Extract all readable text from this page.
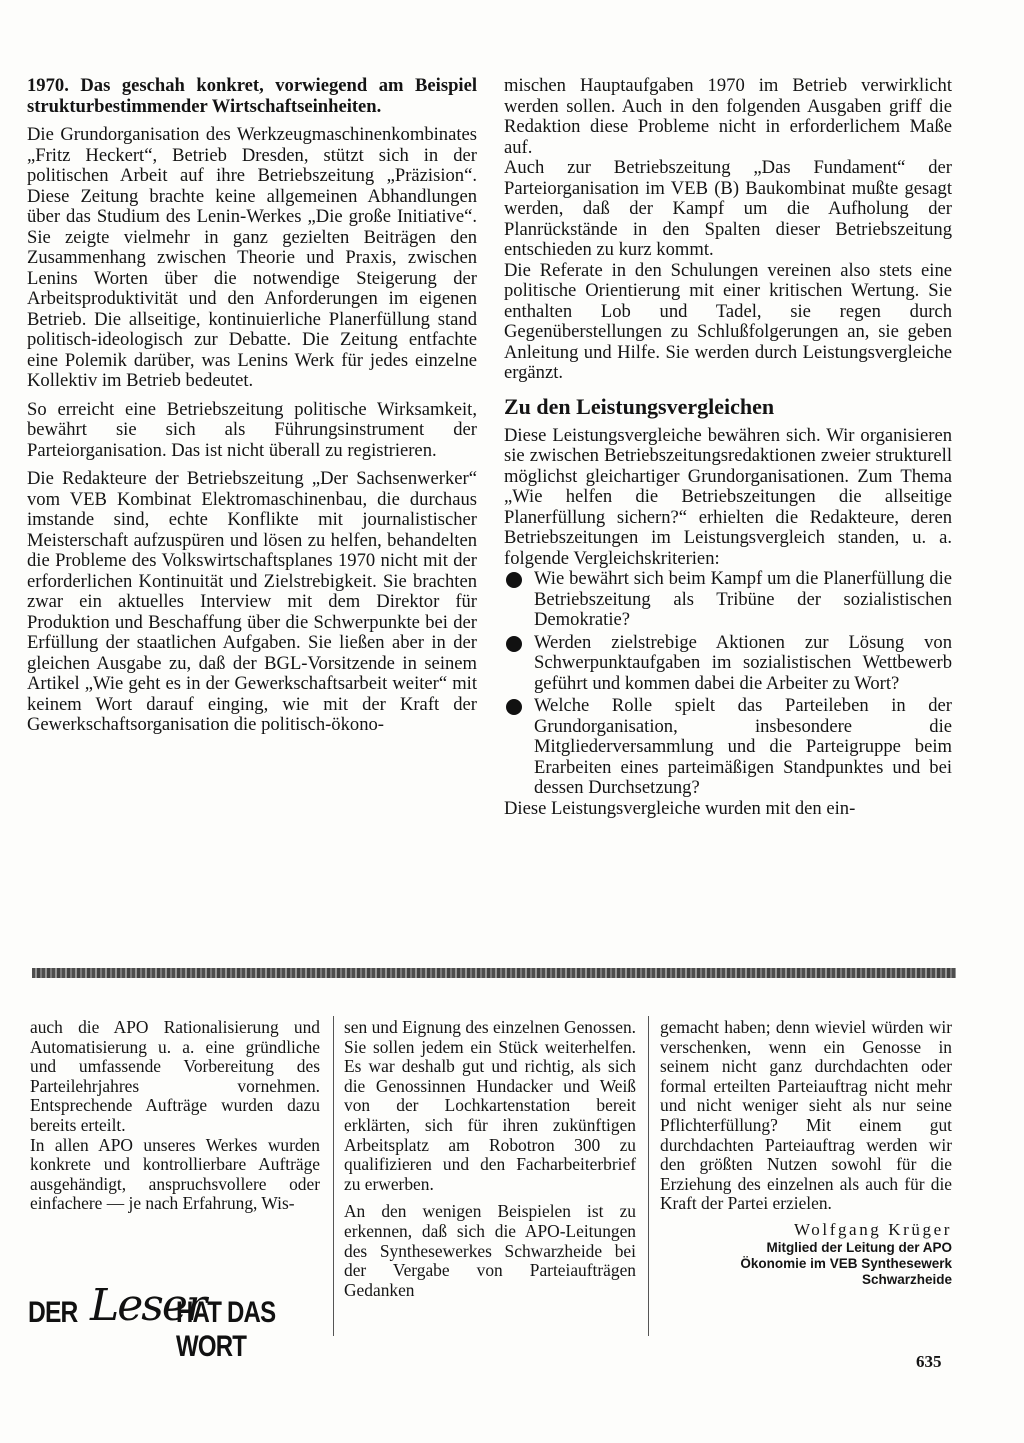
1970. Das geschah konkret, vorwiegend am Beispiel strukturbestimmender Wirtschaftseinheiten.

Die Grundorganisation des Werkzeugmaschinenkombinates „Fritz Heckert“, Betrieb Dresden, stützt sich in der politischen Arbeit auf ihre Betriebszeitung „Präzision“. Diese Zeitung brachte keine allgemeinen Abhandlungen über das Studium des Lenin-Werkes „Die große Initiative“. Sie zeigte vielmehr in ganz gezielten Beiträgen den Zusammenhang zwischen Theorie und Praxis, zwischen Lenins Worten über die notwendige Steigerung der Arbeitsproduktivität und den Anforderungen im eigenen Betrieb. Die allseitige, kontinuierliche Planerfüllung stand politisch-ideologisch zur Debatte. Die Zeitung entfachte eine Polemik darüber, was Lenins Werk für jedes einzelne Kollektiv im Betrieb bedeutet.

So erreicht eine Betriebszeitung politische Wirksamkeit, bewährt sie sich als Führungsinstrument der Parteiorganisation. Das ist nicht überall zu registrieren.

Die Redakteure der Betriebszeitung „Der Sachsenwerker“ vom VEB Kombinat Elektromaschinenbau, die durchaus imstande sind, echte Konflikte mit journalistischer Meisterschaft aufzuspüren und lösen zu helfen, behandelten die Probleme des Volkswirtschaftsplanes 1970 nicht mit der erforderlichen Kontinuität und Zielstrebigkeit. Sie brachten zwar ein aktuelles Interview mit dem Direktor für Produktion und Beschaffung über die Schwerpunkte bei der Erfüllung der staatlichen Aufgaben. Sie ließen aber in der gleichen Ausgabe zu, daß der BGL-Vorsitzende in seinem Artikel „Wie geht es in der Gewerkschaftsarbeit weiter“ mit keinem Wort darauf einging, wie mit der Kraft der Gewerkschaftsorganisation die politisch-ökono-

mischen Hauptaufgaben 1970 im Betrieb verwirklicht werden sollen. Auch in den folgenden Ausgaben griff die Redaktion diese Probleme nicht in erforderlichem Maße auf.

Auch zur Betriebszeitung „Das Fundament“ der Parteiorganisation im VEB (B) Baukombinat mußte gesagt werden, daß der Kampf um die Aufholung der Planrückstände in den Spalten dieser Betriebszeitung entschieden zu kurz kommt.

Die Referate in den Schulungen vereinen also stets eine politische Orientierung mit einer kritischen Wertung. Sie enthalten Lob und Tadel, sie regen durch Gegenüberstellungen zu Schlußfolgerungen an, sie geben Anleitung und Hilfe. Sie werden durch Leistungsvergleiche ergänzt.

Zu den Leistungsvergleichen

Diese Leistungsvergleiche bewähren sich. Wir organisieren sie zwischen Betriebszeitungsredaktionen zweier strukturell möglichst gleichartiger Grundorganisationen. Zum Thema „Wie helfen die Betriebszeitungen die allseitige Planerfüllung sichern?“ erhielten die Redakteure, deren Betriebszeitungen im Leistungsvergleich standen, u. a. folgende Vergleichskriterien:

Wie bewährt sich beim Kampf um die Planerfüllung die Betriebszeitung als Tribüne der sozialistischen Demokratie?
Werden zielstrebige Aktionen zur Lösung von Schwerpunktaufgaben im sozialistischen Wettbewerb geführt und kommen dabei die Arbeiter zu Wort?
Welche Rolle spielt das Parteileben in der Grundorganisation, insbesondere die Mitgliederversammlung und die Parteigruppe beim Erarbeiten eines parteimäßigen Standpunktes und bei dessen Durchsetzung?

Diese Leistungsvergleiche wurden mit den ein-

auch die APO Rationalisierung und Automatisierung u. a. eine gründliche und umfassende Vorbereitung des Parteilehrjahres vornehmen. Entsprechende Aufträge wurden dazu bereits erteilt.

In allen APO unseres Werkes wurden konkrete und kontrollierbare Aufträge ausgehändigt, anspruchsvollere oder einfachere — je nach Erfahrung, Wis-

sen und Eignung des einzelnen Genossen. Sie sollen jedem ein Stück weiterhelfen. Es war deshalb gut und richtig, als sich die Genossinnen Hundacker und Weiß von der Lochkartenstation bereit erklärten, sich für ihren zukünftigen Arbeitsplatz am Robotron 300 zu qualifizieren und den Facharbeiterbrief zu erwerben.

An den wenigen Beispielen ist zu erkennen, daß sich die APO-Leitungen des Synthesewerkes Schwarzheide bei der Vergabe von Parteiaufträgen Gedanken

gemacht haben; denn wieviel würden wir verschenken, wenn ein Genosse in seinem nicht ganz durchdachten oder formal erteilten Parteiauftrag nicht mehr und nicht weniger sieht als nur seine Pflichterfüllung? Mit einem gut durchdachten Parteiauftrag werden wir den größten Nutzen sowohl für die Erziehung des einzelnen als auch für die Kraft der Partei erzielen.

Wolfgang Krüger

Mitglied der Leitung der APO

Ökonomie im VEB Synthesewerk

Schwarzheide

DER Leser
HAT DAS WORT	635
